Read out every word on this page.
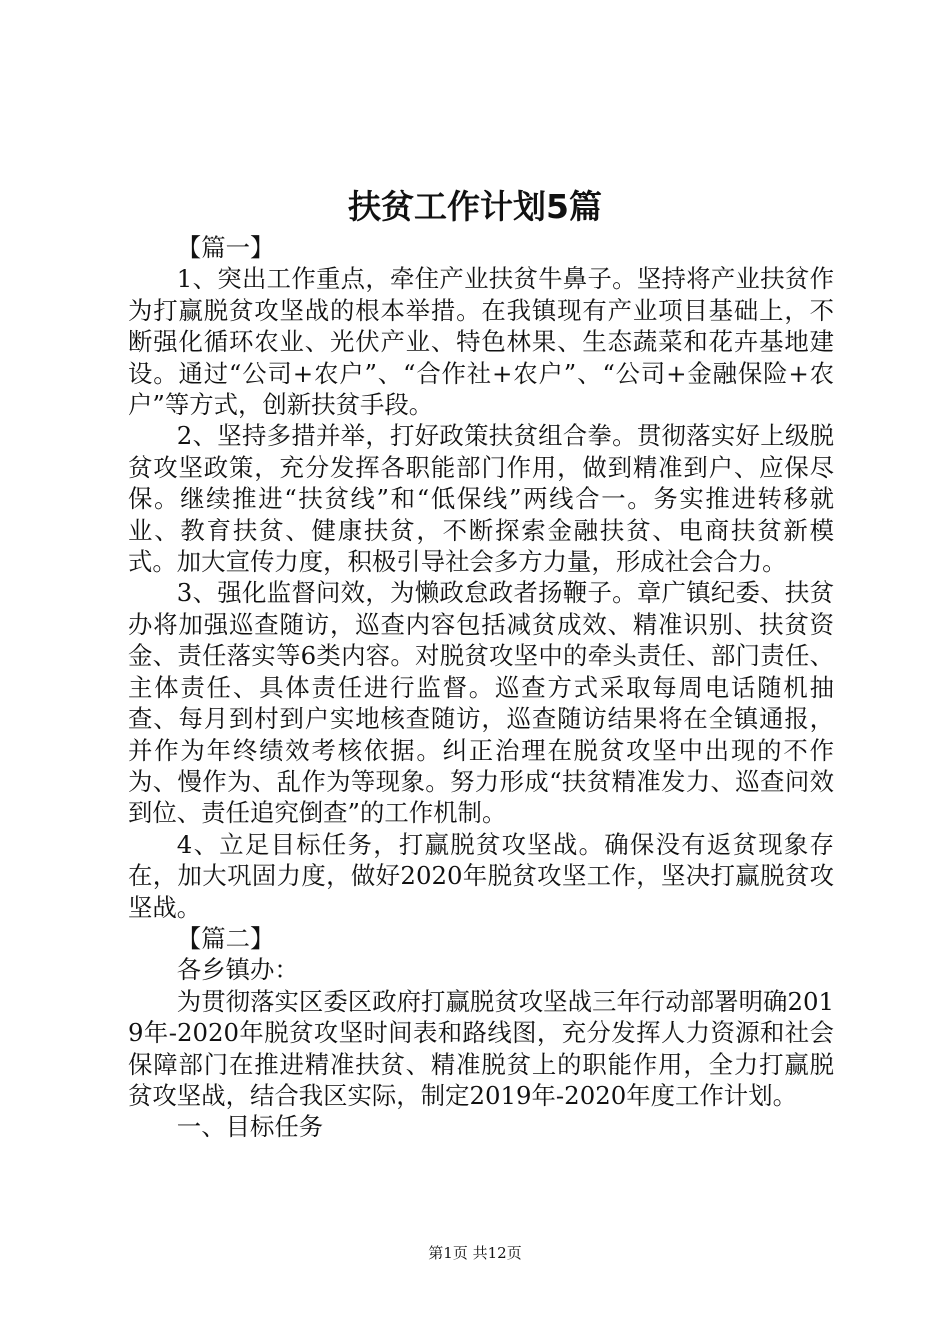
扶贫工作计划5篇

【篇一】

1、突出工作重点，牵住产业扶贫牛鼻子。坚持将产业扶贫作为打赢脱贫攻坚战的根本举措。在我镇现有产业项目基础上，不断强化循环农业、光伏产业、特色林果、生态蔬菜和花卉基地建设。通过“公司+农户”、“合作社+农户”、“公司+金融保险+农户”等方式，创新扶贫手段。

2、坚持多措并举，打好政策扶贫组合拳。贯彻落实好上级脱贫攻坚政策，充分发挥各职能部门作用，做到精准到户、应保尽保。继续推进“扶贫线”和“低保线”两线合一。务实推进转移就业、教育扶贫、健康扶贫，不断探索金融扶贫、电商扶贫新模式。加大宣传力度，积极引导社会多方力量，形成社会合力。

3、强化监督问效，为懒政怠政者扬鞭子。章广镇纪委、扶贫办将加强巡查随访，巡查内容包括减贫成效、精准识别、扶贫资金、责任落实等6类内容。对脱贫攻坚中的牵头责任、部门责任、主体责任、具体责任进行监督。巡查方式采取每周电话随机抽查、每月到村到户实地核查随访，巡查随访结果将在全镇通报，并作为年终绩效考核依据。纠正治理在脱贫攻坚中出现的不作为、慢作为、乱作为等现象。努力形成“扶贫精准发力、巡查问效到位、责任追究倒查”的工作机制。

4、立足目标任务，打赢脱贫攻坚战。确保没有返贫现象存在，加大巩固力度，做好2020年脱贫攻坚工作，坚决打赢脱贫攻坚战。

【篇二】

各乡镇办：

为贯彻落实区委区政府打赢脱贫攻坚战三年行动部署明确2019年-2020年脱贫攻坚时间表和路线图，充分发挥人力资源和社会保障部门在推进精准扶贫、精准脱贫上的职能作用，全力打赢脱贫攻坚战，结合我区实际，制定2019年-2020年度工作计划。

一、目标任务

第1页 共12页
